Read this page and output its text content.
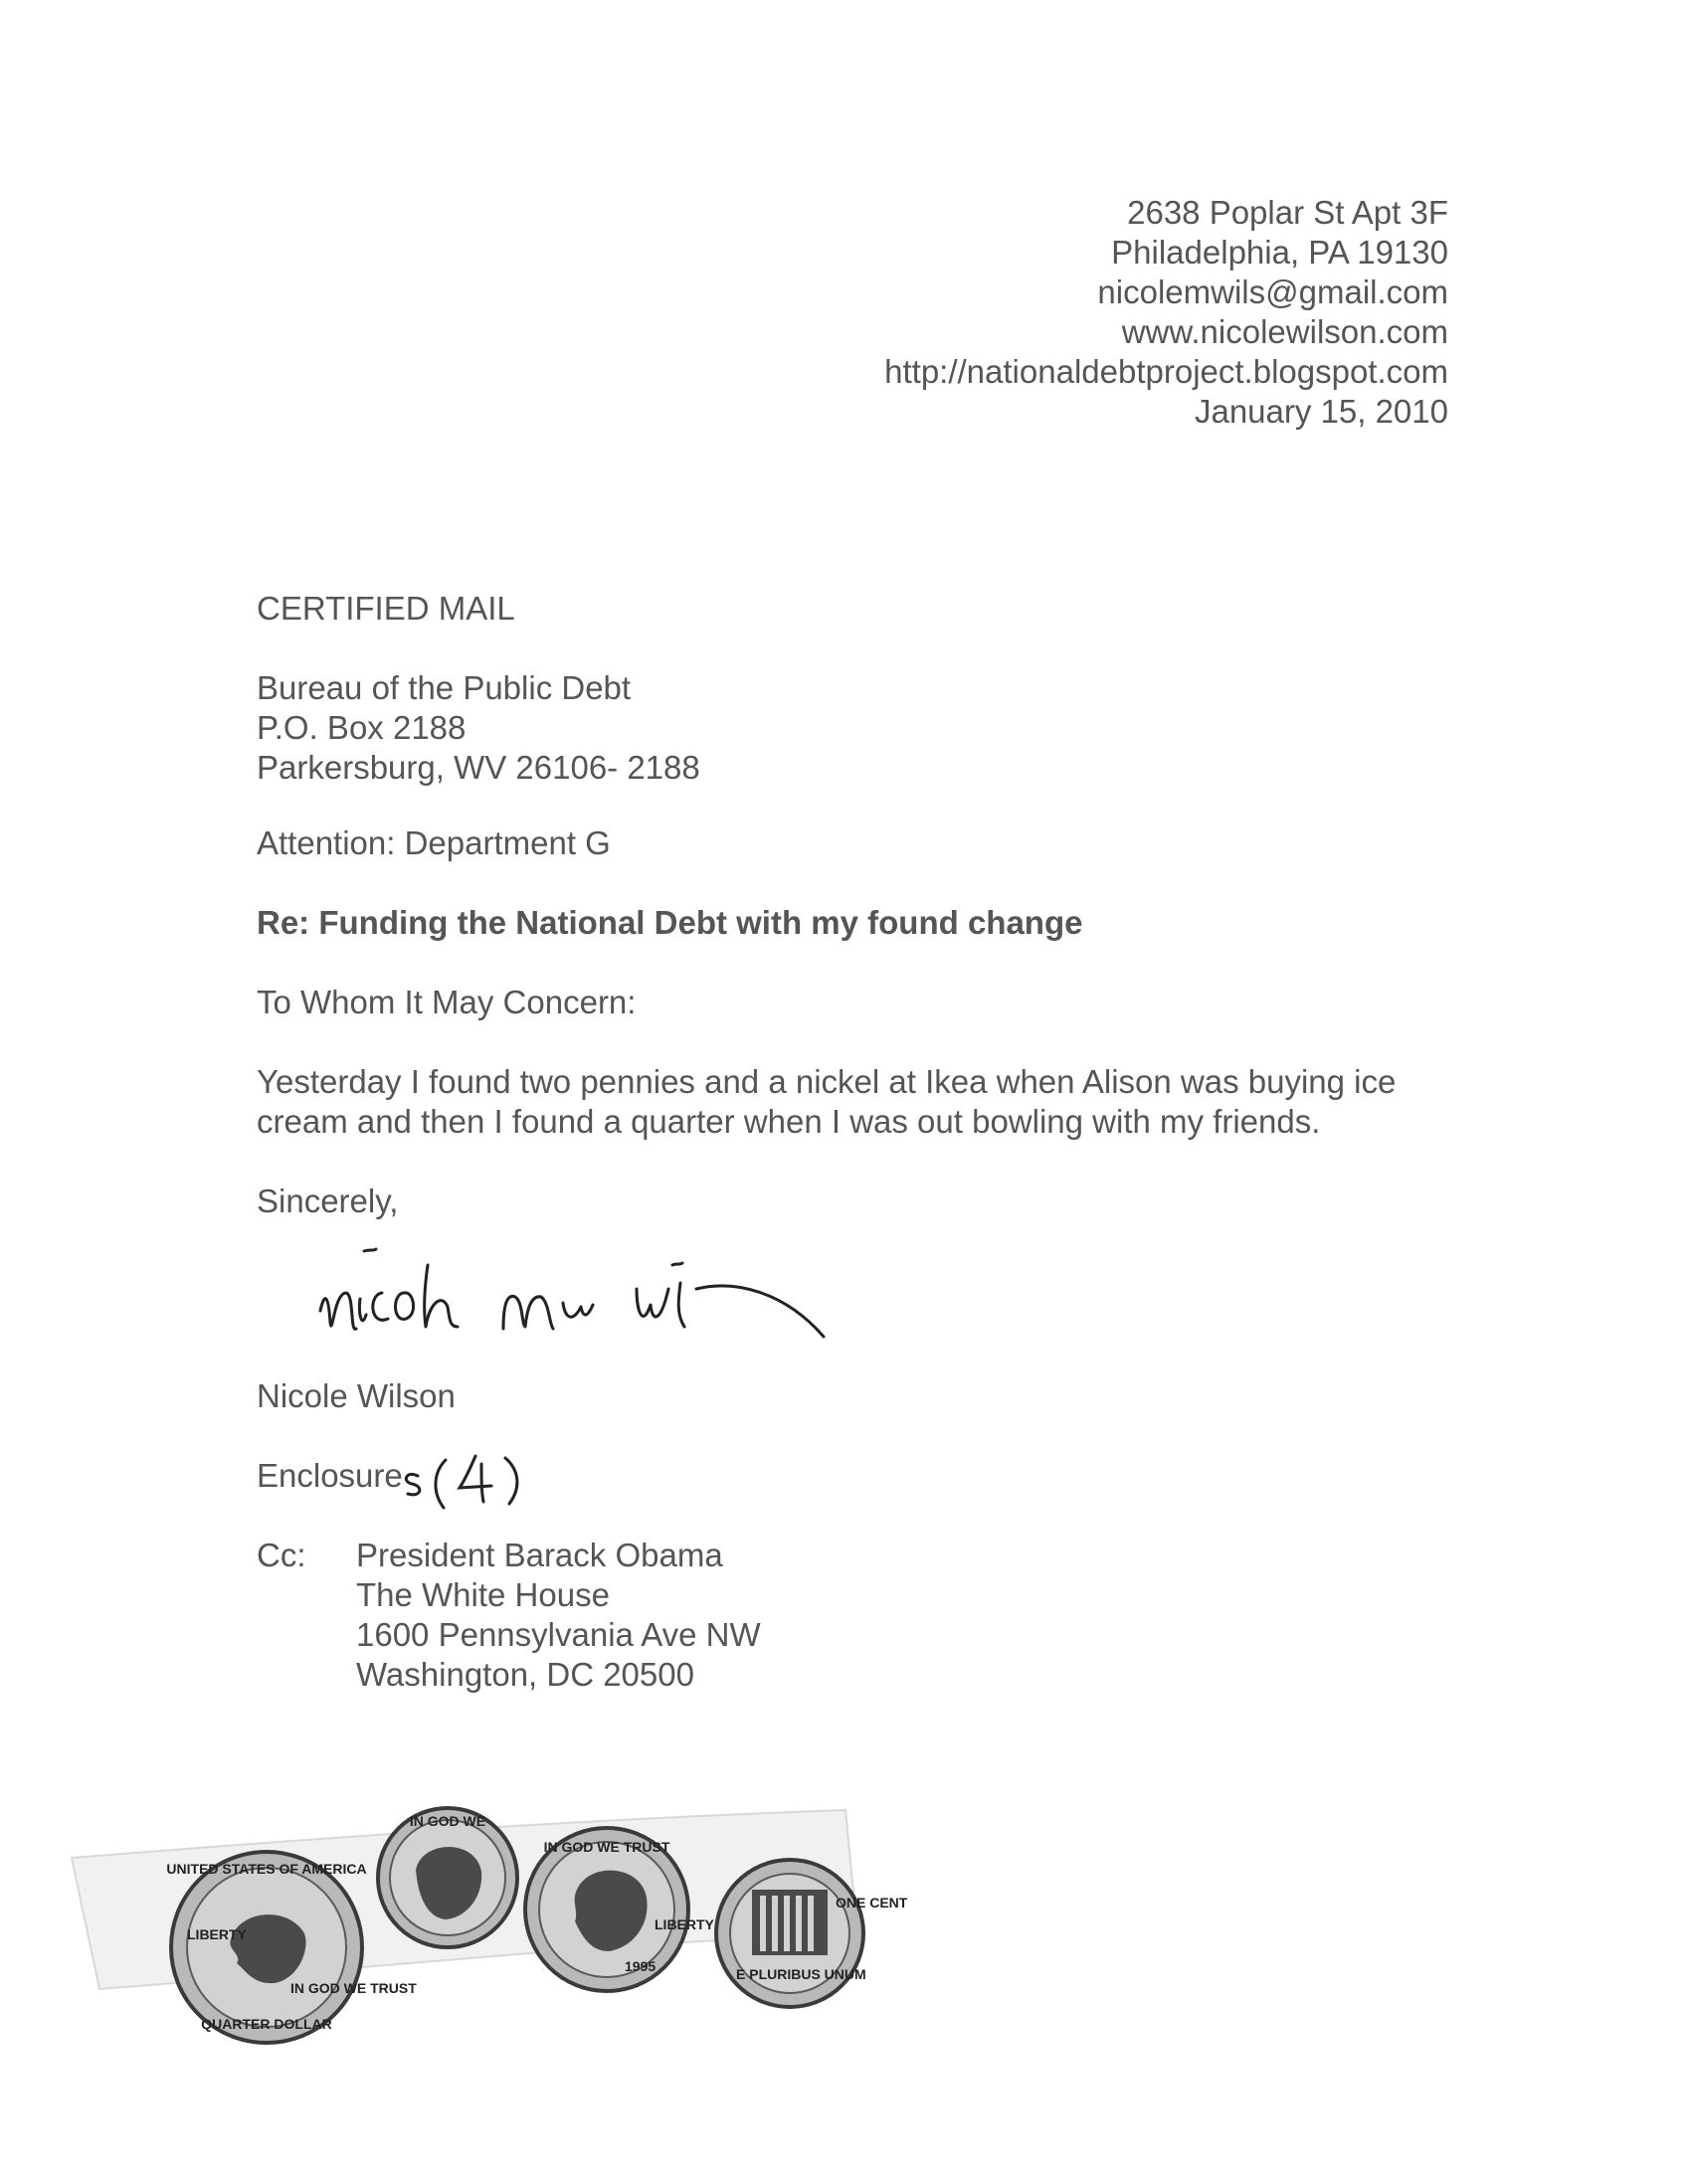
2638 Poplar St Apt 3F
Philadelphia, PA 19130
nicolemwils@gmail.com
www.nicolewilson.com
http://nationaldebtproject.blogspot.com
January 15, 2010
CERTIFIED MAIL
Bureau of the Public Debt
P.O. Box 2188
Parkersburg, WV 26106- 2188
Attention: Department G
Re: Funding the National Debt with my found change
To Whom It May Concern:
Yesterday I found two pennies and a nickel at Ikea when Alison was buying ice
cream and then I found a quarter when I was out bowling with my friends.
Sincerely,
Nicole Wilson
Enclosure
Cc: President Barack Obama
The White House
1600 Pennsylvania Ave NW
Washington, DC 20500
UNITED STATES OF AMERICA
LIBERTY
IN GOD WE TRUST
QUARTER DOLLAR
IN GOD WE
IN GOD WE TRUST
LIBERTY
1995
ONE CENT
E PLURIBUS UNUM
